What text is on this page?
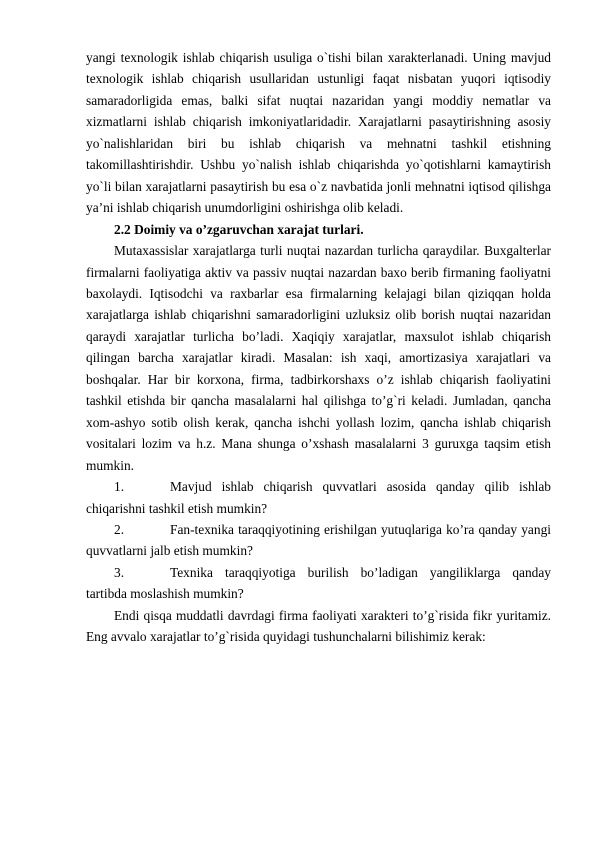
yangi texnologik ishlab chiqarish usuliga o`tishi bilan xarakterlanadi. Uning mavjud texnologik ishlab chiqarish usullaridan ustunligi faqat nisbatan yuqori iqtisodiy samaradorligida emas, balki sifat nuqtai nazaridan yangi moddiy nematlar va xizmatlarni ishlab chiqarish imkoniyatlaridadir. Xarajatlarni pasaytirishning asosiy yo`nalishlaridan biri bu ishlab chiqarish va mehnatni tashkil etishning takomillashtirishdir. Ushbu yo`nalish ishlab chiqarishda yo`qotishlarni kamaytirish yo`li bilan xarajatlarni pasaytirish bu esa o`z navbatida jonli mehnatni iqtisod qilishga ya’ni ishlab chiqarish unumdorligini oshirishga olib keladi.

2.2 Doimiy va o’zgaruvchan xarajat turlari.

Mutaxassislar xarajatlarga turli nuqtai nazardan turlicha qaraydilar. Buxgalterlar firmalarni faoliyatiga aktiv va passiv nuqtai nazardan baxo berib firmaning faoliyatni baxolaydi. Iqtisodchi va raxbarlar esa firmalarning kelajagi bilan qiziqqan holda xarajatlarga ishlab chiqarishni samaradorligini uzluksiz olib borish nuqtai nazaridan qaraydi xarajatlar turlicha bo’ladi. Xaqiqiy xarajatlar, maxsulot ishlab chiqarish qilingan barcha xarajatlar kiradi. Masalan: ish xaqi, amortizasiya xarajatlari va boshqalar. Har bir korxona, firma, tadbirkorshaxs o’z ishlab chiqarish faoliyatini tashkil etishda bir qancha masalalarni hal qilishga to’g`ri keladi. Jumladan, qancha xom-ashyo sotib olish kerak, qancha ishchi yollash lozim, qancha ishlab chiqarish vositalari lozim va h.z. Mana shunga o’xshash masalalarni 3 guruxga taqsim etish mumkin.

1.	Mavjud ishlab chiqarish quvvatlari asosida qanday qilib ishlab chiqarishni tashkil etish mumkin?

2.	Fan-texnika taraqqiyotining erishilgan yutuqlariga ko’ra qanday yangi quvvatlarni jalb etish mumkin?

3.	Texnika taraqqiyotiga burilish bo’ladigan yangiliklarga qanday tartibda moslashish mumkin?

Endi qisqa muddatli davrdagi firma faoliyati xarakteri to’g`risida fikr yuritamiz. Eng avvalo xarajatlar to’g`risida quyidagi tushunchalarni bilishimiz kerak:
